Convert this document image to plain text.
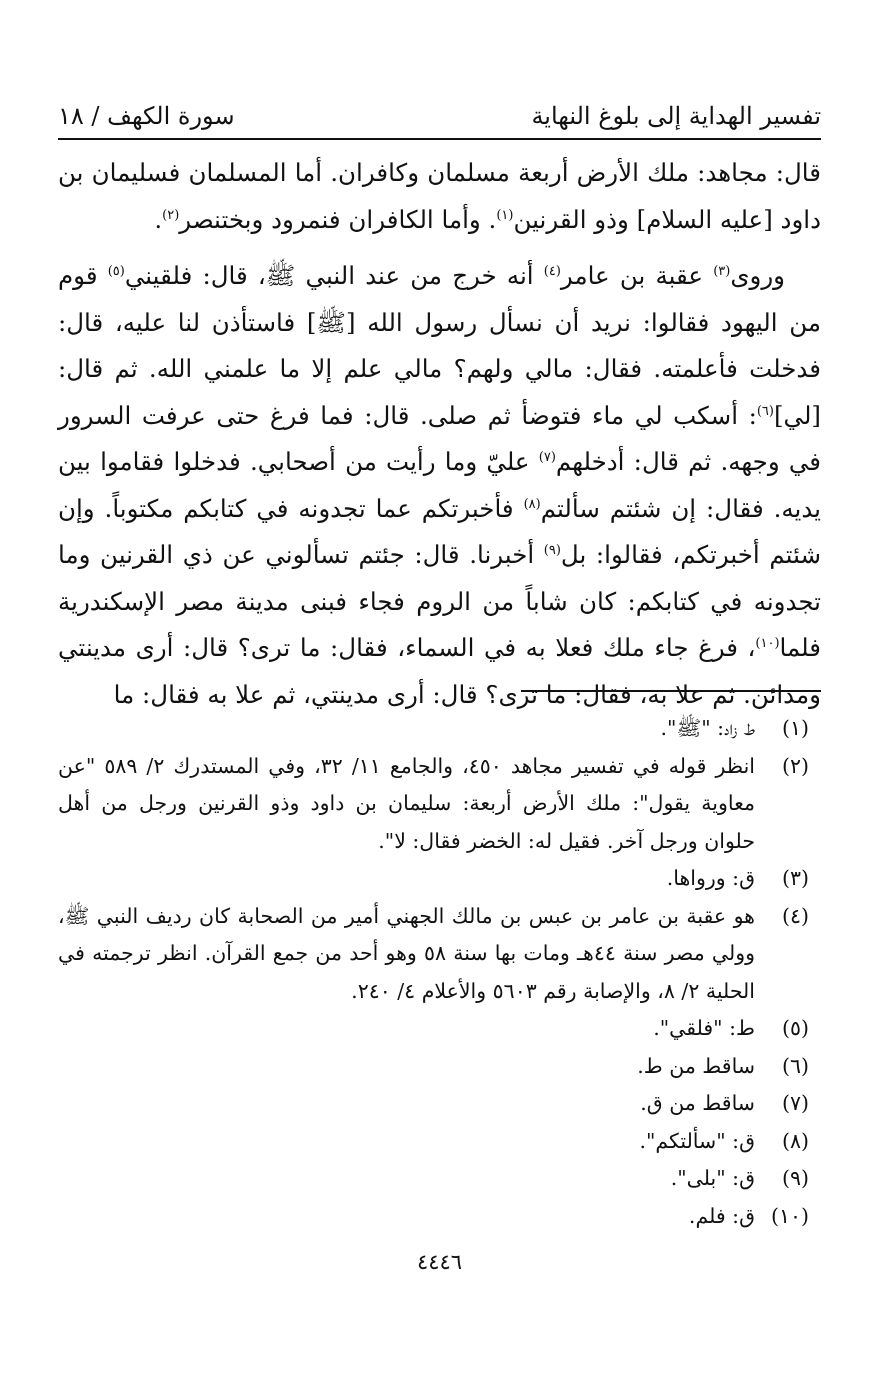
تفسير الهداية إلى بلوغ النهاية
سورة الكهف / ١٨

قال: مجاهد: ملك الأرض أربعة مسلمان وكافران. أما المسلمان فسليمان بن داود [عليه السلام] وذو القرنين$^{(١)}$. وأما الكافران فنمرود وبختنصر$^{(٢)}$.

وروى$^{(٣)}$ عقبة بن عامر$^{(٤)}$ أنه خرج من عند النبي ﷺ، قال: فلقيني$^{(٥)}$ قوم من اليهود فقالوا: نريد أن نسأل رسول الله [ﷺ] فاستأذن لنا عليه، قال: فدخلت فأعلمته. فقال: مالي ولهم؟ مالي علم إلا ما علمني الله. ثم قال: [لي]$^{(٦)}$: أسكب لي ماء فتوضأ ثم صلى. قال: فما فرغ حتى عرفت السرور في وجهه. ثم قال: أدخلهم$^{(٧)}$ عليّ وما رأيت من أصحابي. فدخلوا فقاموا بين يديه. فقال: إن شئتم سألتم$^{(٨)}$ فأخبرتكم عما تجدونه في كتابكم مكتوباً. وإن شئتم أخبرتكم، فقالوا: بل$^{(٩)}$ أخبرنا. قال: جئتم تسألوني عن ذي القرنين وما تجدونه في كتابكم: كان شاباً من الروم فجاء فبنى مدينة مصر الإسكندرية فلما$^{(١٠)}$، فرغ جاء ملك فعلا به في السماء، فقال: ما ترى؟ قال: أرى مدينتي ومدائن. ثم علا به، فقال: ما ترى؟ قال: أرى مدينتي، ثم علا به فقال: ما

(١)
ط زاد: "ﷺ".
(٢)
انظر قوله في تفسير مجاهد ٤٥٠، والجامع ١١/ ٣٢، وفي المستدرك ٢/ ٥٨٩ "عن معاوية يقول": ملك الأرض أربعة: سليمان بن داود وذو القرنين ورجل من أهل حلوان ورجل آخر. فقيل له: الخضر فقال: لا".
(٣)
ق: ورواها.
(٤)
هو عقبة بن عامر بن عبس بن مالك الجهني أمير من الصحابة كان رديف النبي ﷺ، وولي مصر سنة ٤٤هـ ومات بها سنة ٥٨ وهو أحد من جمع القرآن. انظر ترجمته في الحلية ٢/ ٨، والإصابة رقم ٥٦٠٣ والأعلام ٤/ ٢٤٠.
(٥)
ط: "فلقي".
(٦)
ساقط من ط.
(٧)
ساقط من ق.
(٨)
ق: "سألتكم".
(٩)
ق: "بلى".
(١٠)
ق: فلم.
٤٤٤٦
